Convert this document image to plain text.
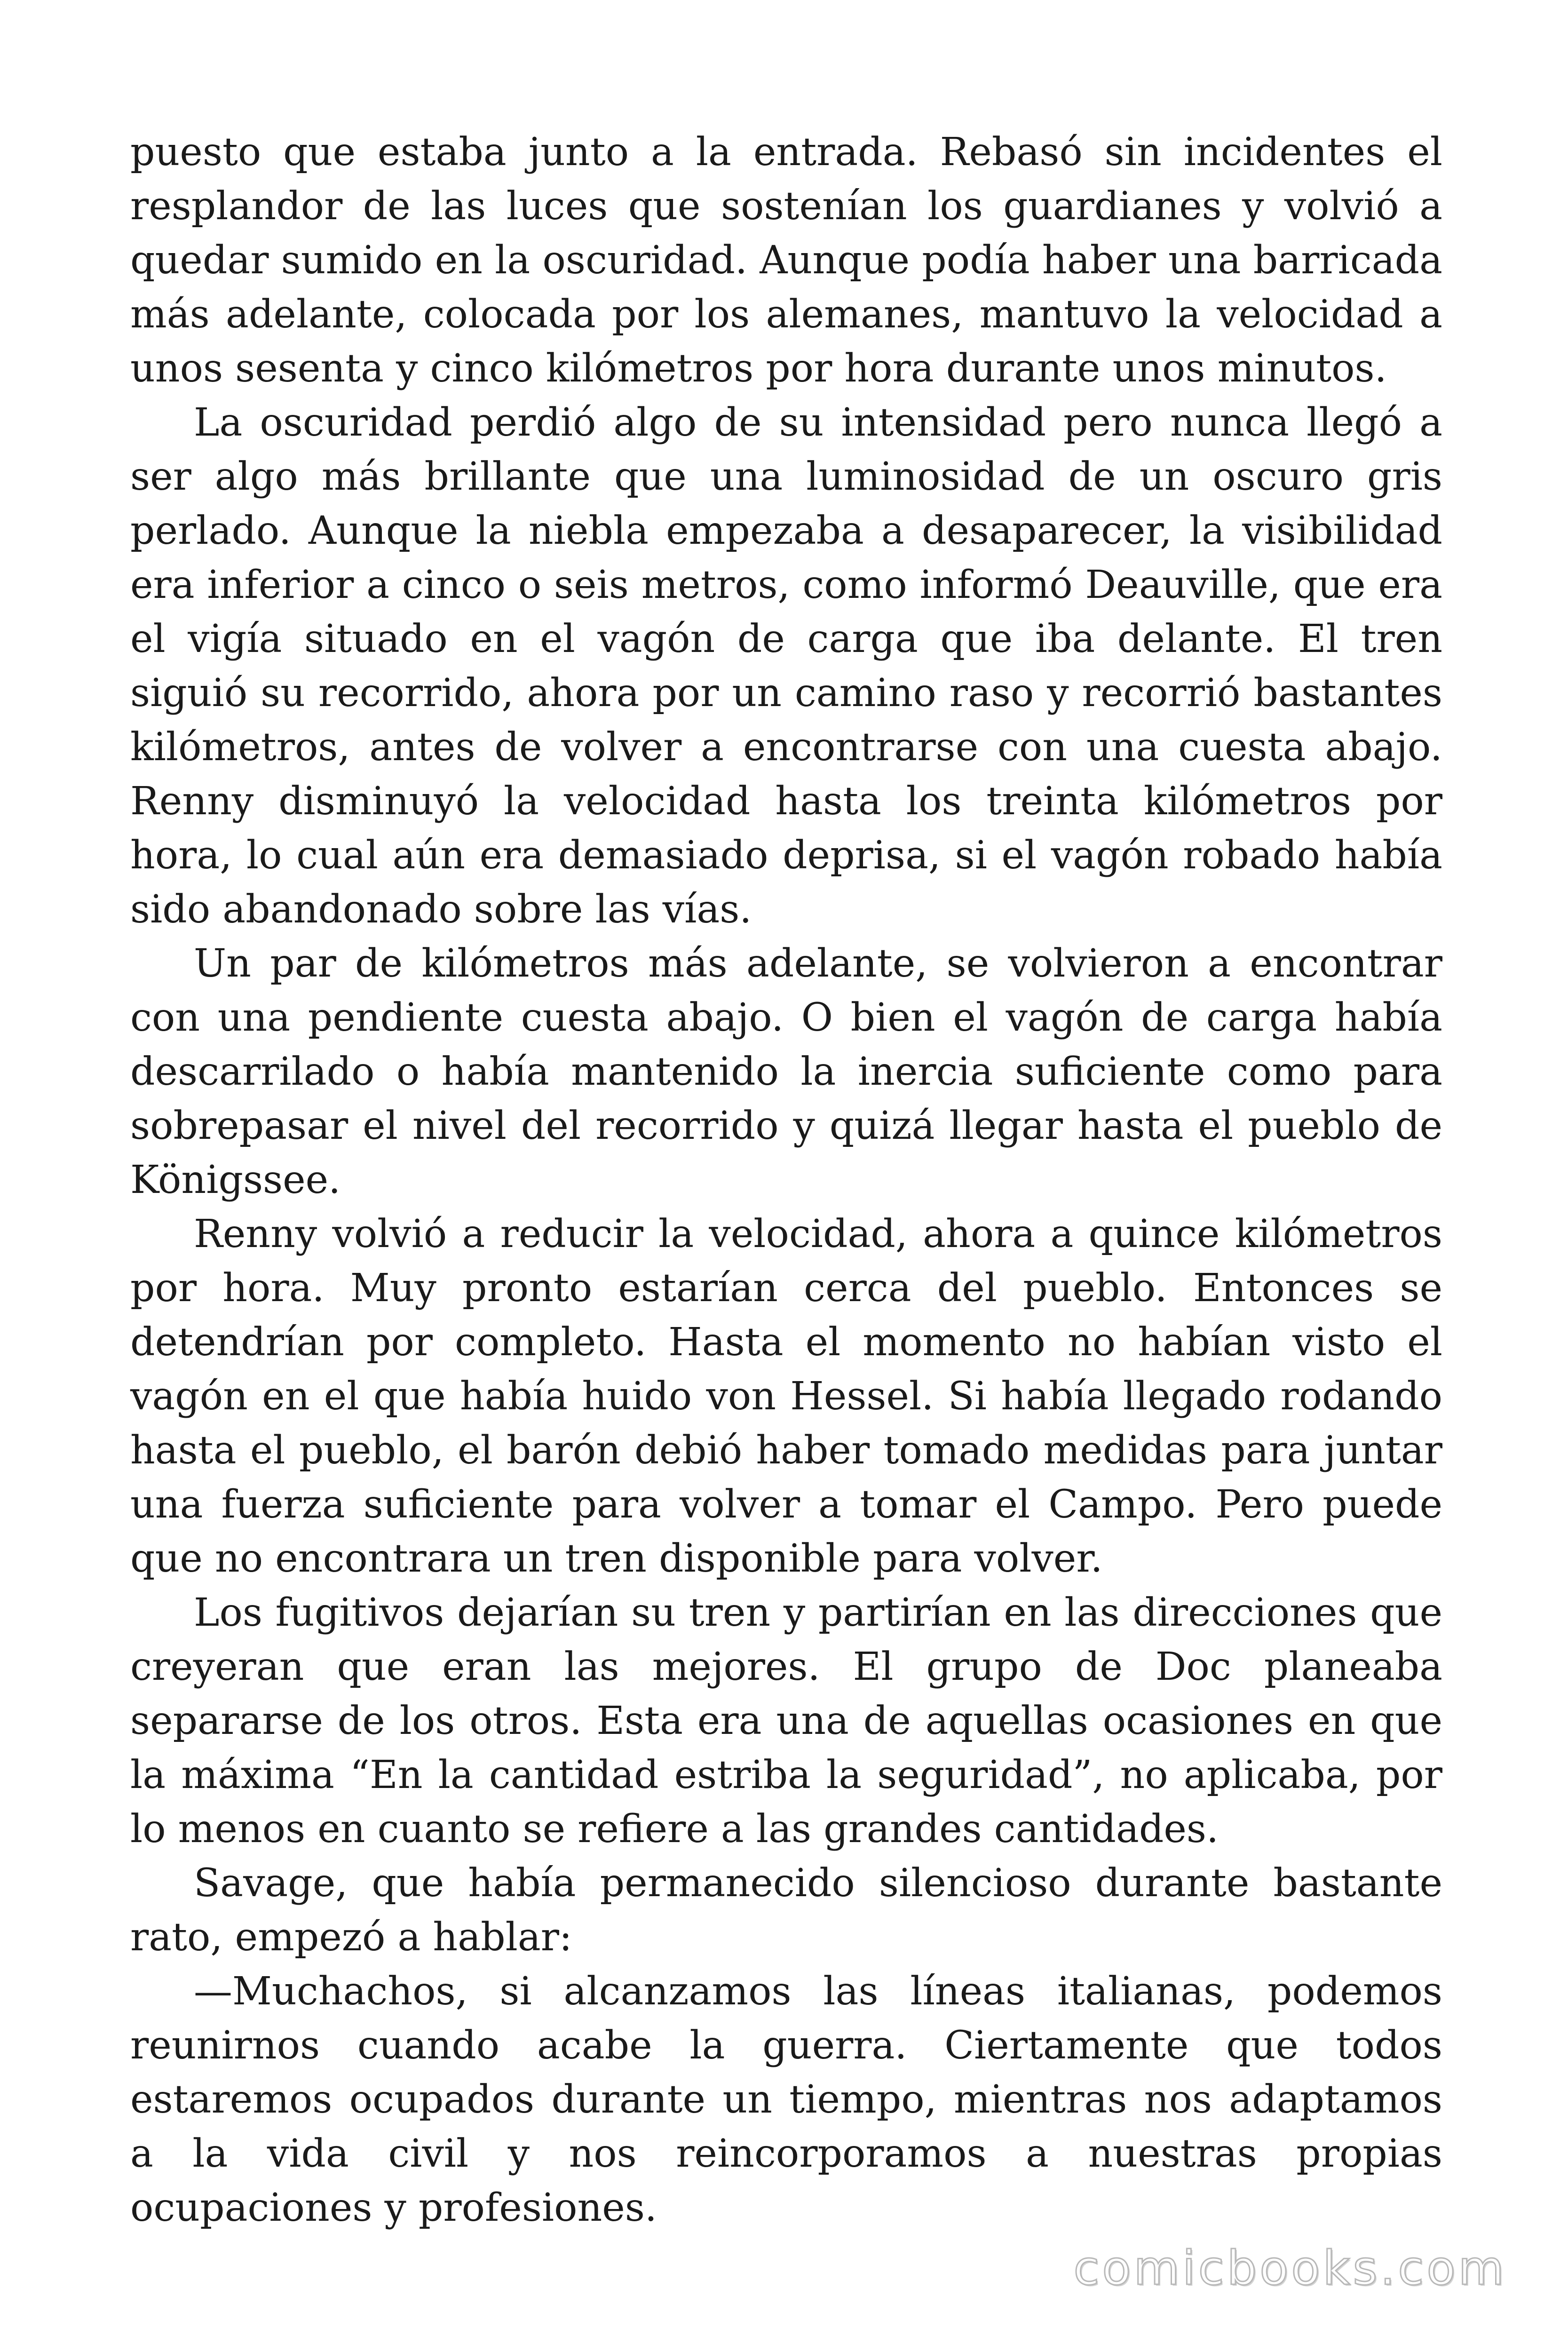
puesto que estaba junto a la entrada. Rebasó sin incidentes el resplandor de las luces que sostenían los guardianes y volvió a quedar sumido en la oscuridad. Aunque podía haber una barricada más adelante, colocada por los alemanes, mantuvo la velocidad a unos sesenta y cinco kilómetros por hora durante unos minutos.

La oscuridad perdió algo de su intensidad pero nunca llegó a ser algo más brillante que una luminosidad de un oscuro gris perlado. Aunque la niebla empezaba a desaparecer, la visibilidad era inferior a cinco o seis metros, como informó Deauville, que era el vigía situado en el vagón de carga que iba delante. El tren siguió su recorrido, ahora por un camino raso y recorrió bastantes kilómetros, antes de volver a encontrarse con una cuesta abajo. Renny disminuyó la velocidad hasta los treinta kilómetros por hora, lo cual aún era demasiado deprisa, si el vagón robado había sido abandonado sobre las vías.

Un par de kilómetros más adelante, se volvieron a encontrar con una pendiente cuesta abajo. O bien el vagón de carga había descarrilado o había mantenido la inercia suficiente como para sobrepasar el nivel del recorrido y quizá llegar hasta el pueblo de Königssee.

Renny volvió a reducir la velocidad, ahora a quince kilómetros por hora. Muy pronto estarían cerca del pueblo. Entonces se detendrían por completo. Hasta el momento no habían visto el vagón en el que había huido von Hessel. Si había llegado rodando hasta el pueblo, el barón debió haber tomado medidas para juntar una fuerza suficiente para volver a tomar el Campo. Pero puede que no encontrara un tren disponible para volver.

Los fugitivos dejarían su tren y partirían en las direcciones que creyeran que eran las mejores. El grupo de Doc planeaba separarse de los otros. Esta era una de aquellas ocasiones en que la máxima “En la cantidad estriba la seguridad”, no aplicaba, por lo menos en cuanto se refiere a las grandes cantidades.

Savage, que había permanecido silencioso durante bastante rato, empezó a hablar:

—Muchachos, si alcanzamos las líneas italianas, podemos reunirnos cuando acabe la guerra. Ciertamente que todos estaremos ocupados durante un tiempo, mientras nos adaptamos a la vida civil y nos reincorporamos a nuestras propias ocupaciones y profesiones.

comicbooks.com
